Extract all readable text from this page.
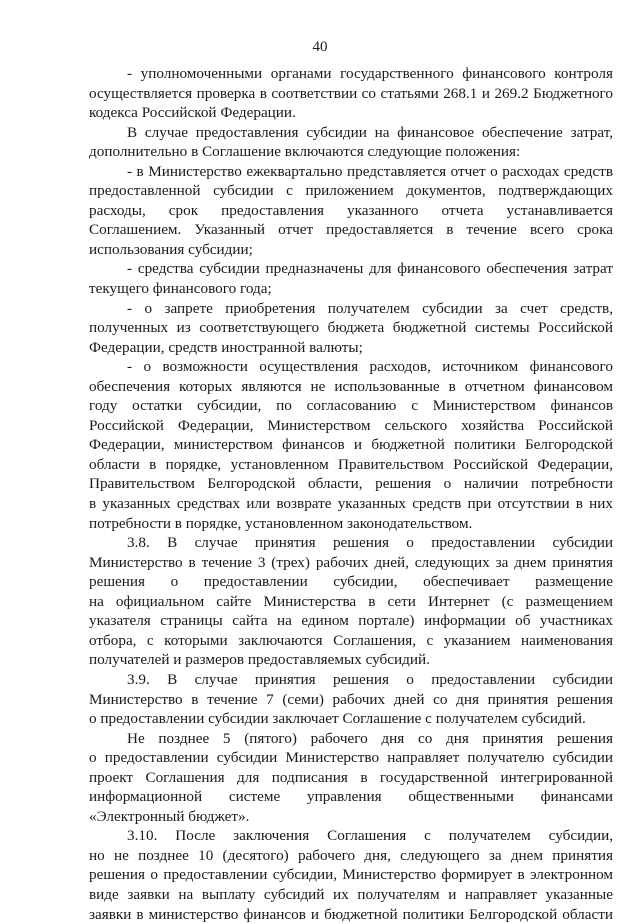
40
- уполномоченными органами государственного финансового контроля
осуществляется проверка в соответствии со статьями 268.1 и 269.2 Бюджетного
кодекса Российской Федерации.
В случае предоставления субсидии на финансовое обеспечение затрат,
дополнительно в Соглашение включаются следующие положения:
- в Министерство ежеквартально представляется отчет о расходах средств
предоставленной субсидии с приложением документов, подтверждающих
расходы, срок предоставления указанного отчета устанавливается
Соглашением. Указанный отчет предоставляется в течение всего срока
использования субсидии;
- средства субсидии предназначены для финансового обеспечения затрат
текущего финансового года;
- о запрете приобретения получателем субсидии за счет средств,
полученных из соответствующего бюджета бюджетной системы Российской
Федерации, средств иностранной валюты;
- о возможности осуществления расходов, источником финансового
обеспечения которых являются не использованные в отчетном финансовом
году остатки субсидии, по согласованию с Министерством финансов
Российской Федерации, Министерством сельского хозяйства Российской
Федерации, министерством финансов и бюджетной политики Белгородской
области в порядке, установленном Правительством Российской Федерации,
Правительством Белгородской области, решения о наличии потребности
в указанных средствах или возврате указанных средств при отсутствии в них
потребности в порядке, установленном законодательством.
3.8. В случае принятия решения о предоставлении субсидии
Министерство в течение 3 (трех) рабочих дней, следующих за днем принятия
решения о предоставлении субсидии, обеспечивает размещение
на официальном сайте Министерства в сети Интернет (с размещением
указателя страницы сайта на едином портале) информации об участниках
отбора, с которыми заключаются Соглашения, с указанием наименования
получателей и размеров предоставляемых субсидий.
3.9. В случае принятия решения о предоставлении субсидии
Министерство в течение 7 (семи) рабочих дней со дня принятия решения
о предоставлении субсидии заключает Соглашение с получателем субсидий.
Не позднее 5 (пятого) рабочего дня со дня принятия решения
о предоставлении субсидии Министерство направляет получателю субсидии
проект Соглашения для подписания в государственной интегрированной
информационной системе управления общественными финансами
«Электронный бюджет».
3.10. После заключения Соглашения с получателем субсидии,
но не позднее 10 (десятого) рабочего дня, следующего за днем принятия
решения о предоставлении субсидии, Министерство формирует в электронном
виде заявки на выплату субсидий их получателям и направляет указанные
заявки в министерство финансов и бюджетной политики Белгородской области
